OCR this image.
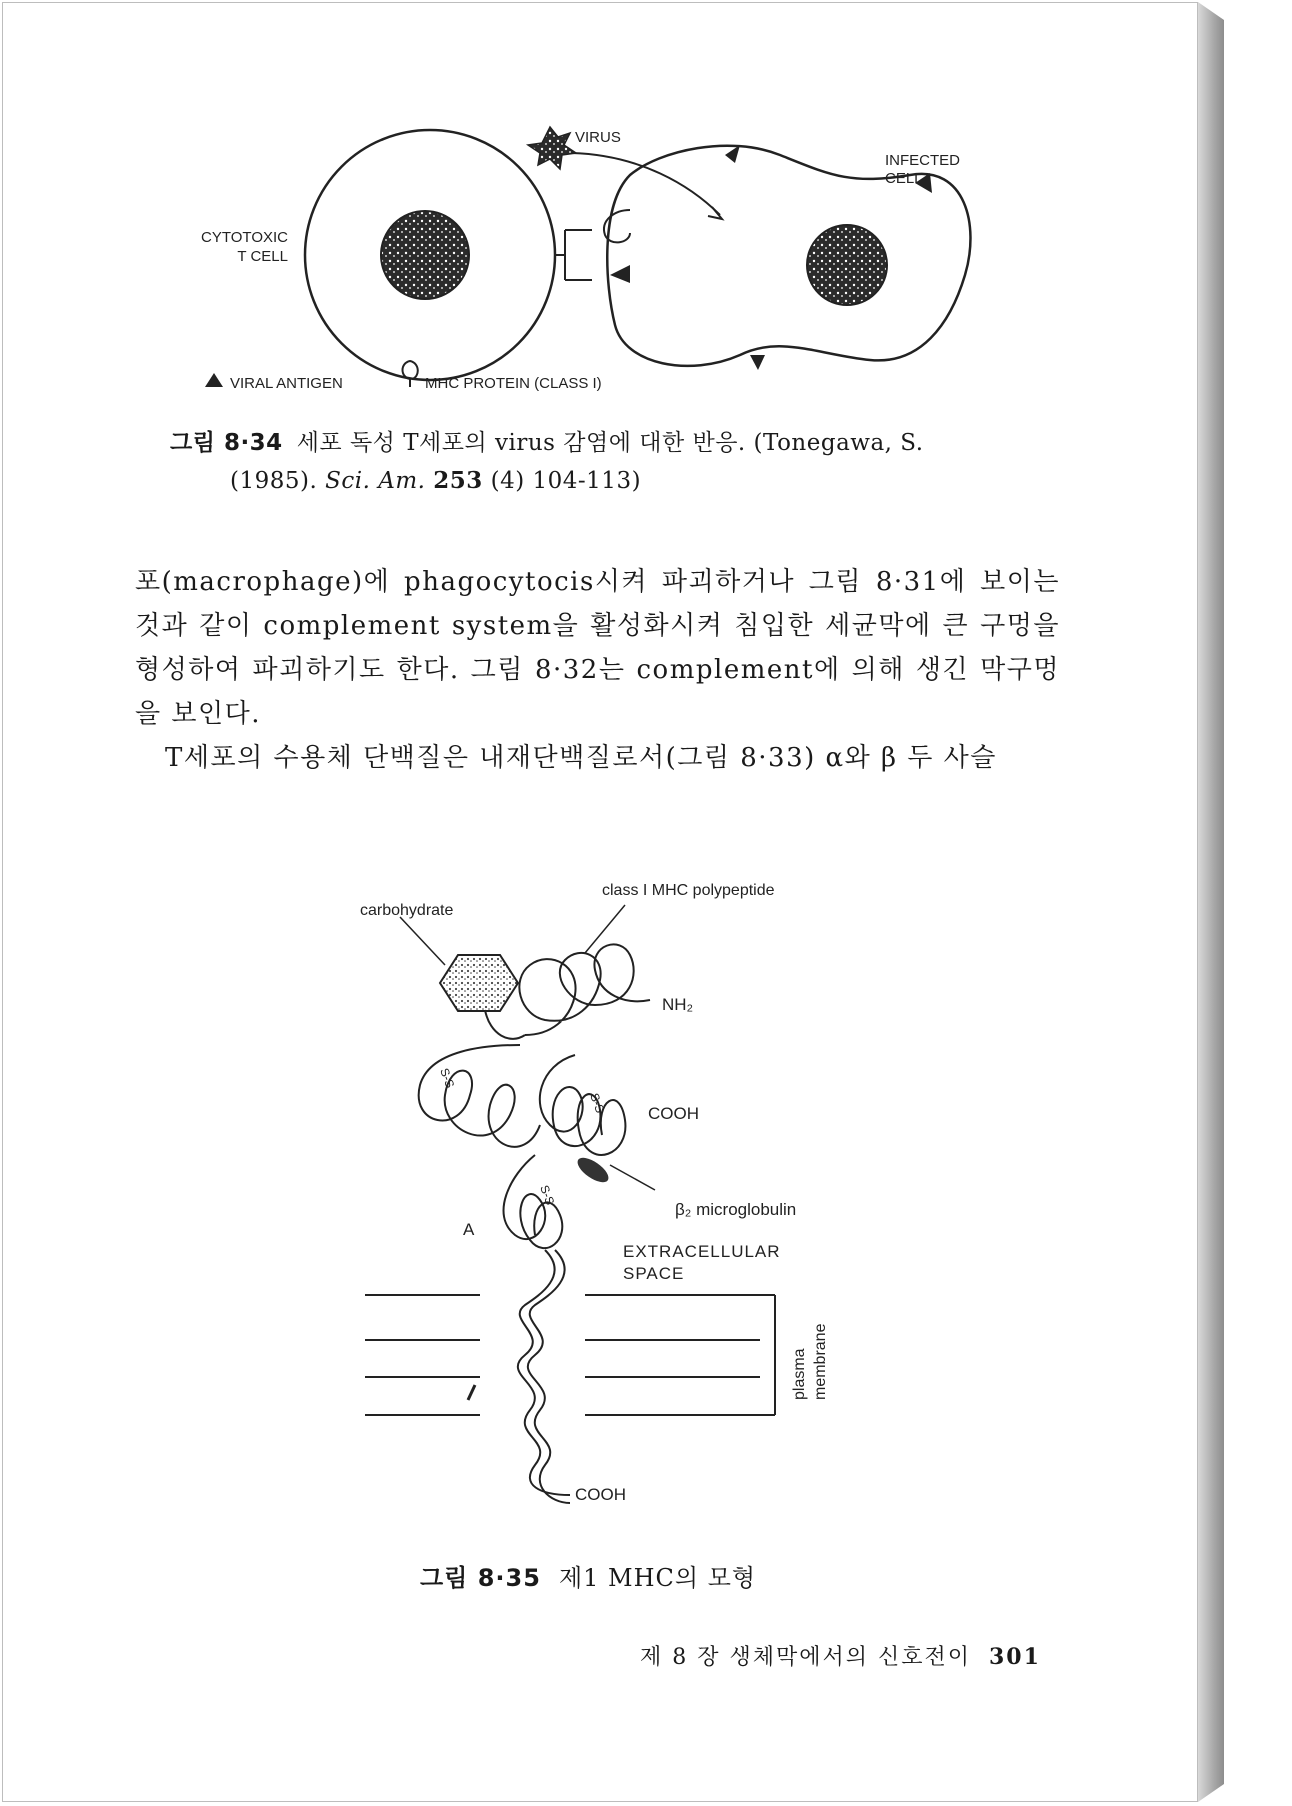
VIRUS
INFECTED
CELL
CYTOTOXIC
T CELL
VIRAL ANTIGEN	MHC PROTEIN (CLASS I)
그림 8·34 세포 독성 T세포의 virus 감염에 대한 반응. (Tonegawa, S.
(1985). Sci. Am. 253 (4) 104-113)

포(macrophage)에 phagocytocis시켜 파괴하거나 그림 8·31에 보이는 것과 같이 complement system을 활성화시켜 침입한 세균막에 큰 구멍을 형성하여 파괴하기도 한다. 그림 8·32는 complement에 의해 생긴 막구멍을 보인다.

T세포의 수용체 단백질은 내재단백질로서(그림 8·33) α와 β 두 사슬

carbohydrate
class I MHC polypeptide
NH₂
COOH
β₂ microglobulin
A
EXTRACELLULAR
SPACE
plasma membrane
COOH
S-S
S-S
S-S
그림 8·35 제1 MHC의 모형
제 8 장 생체막에서의 신호전이 301
